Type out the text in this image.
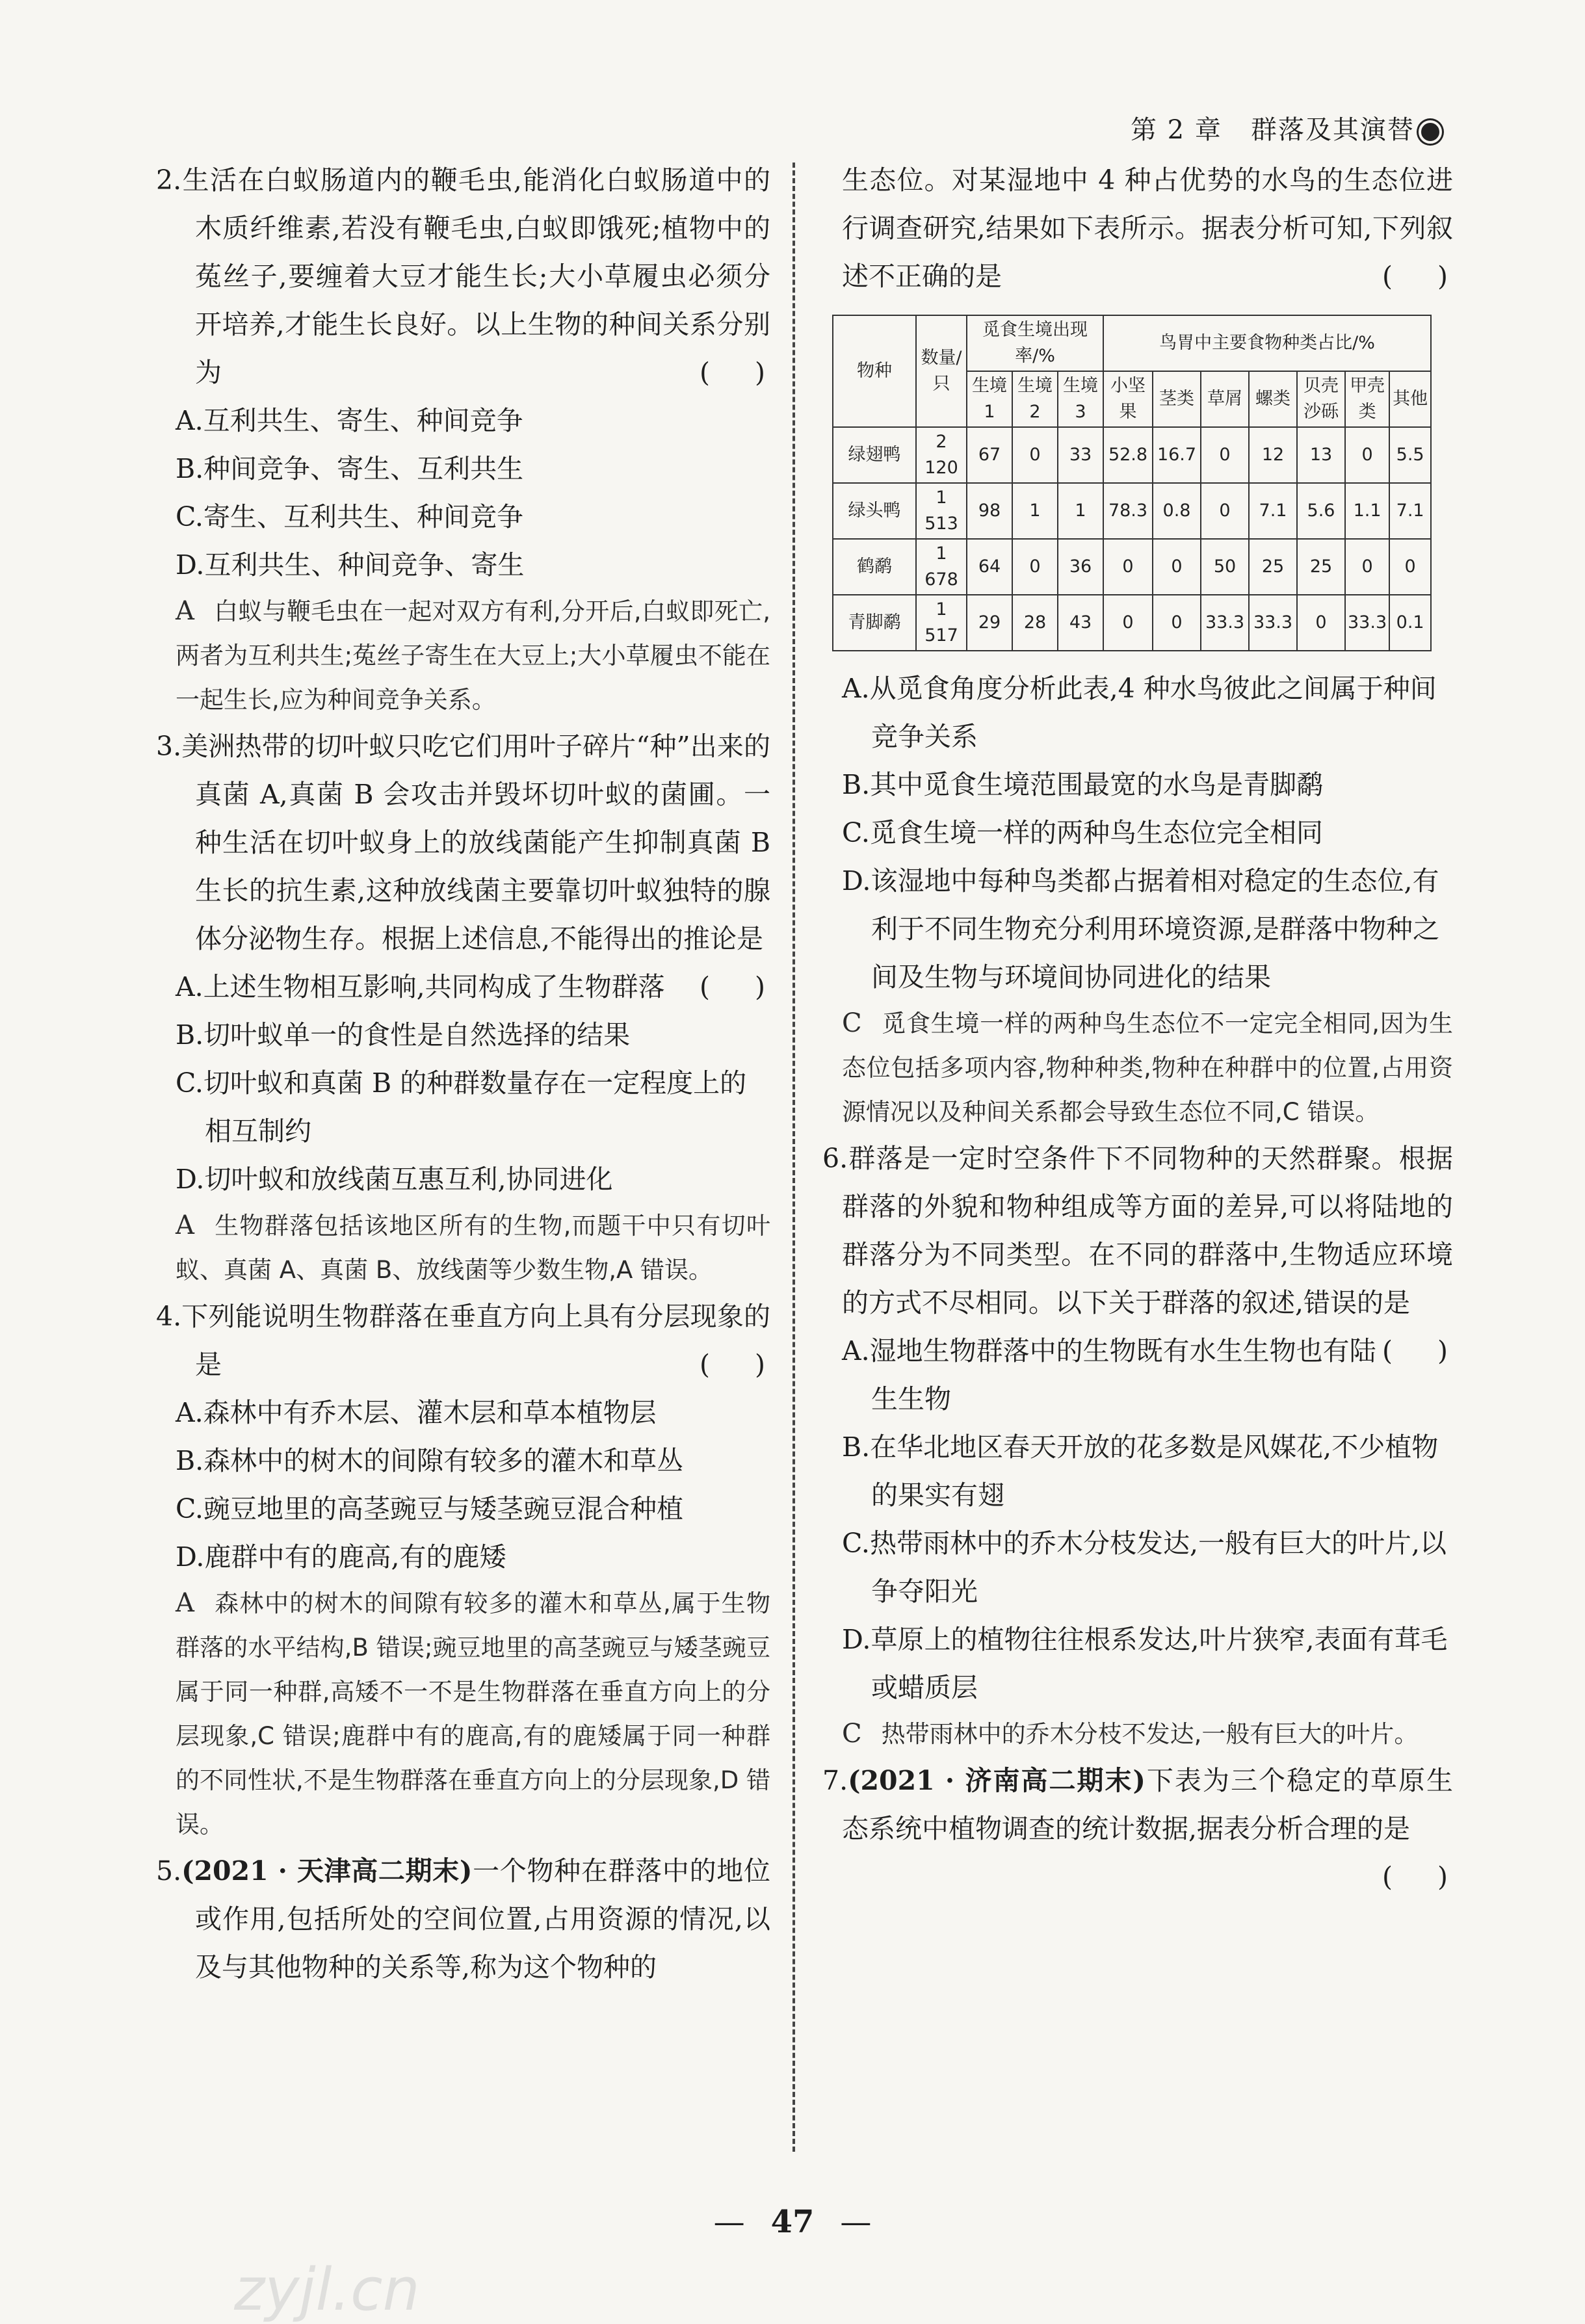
第 2 章 群落及其演替

2.生活在白蚁肠道内的鞭毛虫,能消化白蚁肠道中的木质纤维素,若没有鞭毛虫,白蚁即饿死;植物中的菟丝子,要缠着大豆才能生长;大小草履虫必须分开培养,才能生长良好。以上生物的种间关系分别为	( )

A.互利共生、寄生、种间竞争
B.种间竞争、寄生、互利共生
C.寄生、互利共生、种间竞争
D.互利共生、种间竞争、寄生
A 白蚁与鞭毛虫在一起对双方有利,分开后,白蚁即死亡,两者为互利共生;菟丝子寄生在大豆上;大小草履虫不能在一起生长,应为种间竞争关系。

3.美洲热带的切叶蚁只吃它们用叶子碎片“种”出来的真菌 A,真菌 B 会攻击并毁坏切叶蚁的菌圃。一种生活在切叶蚁身上的放线菌能产生抑制真菌 B 生长的抗生素,这种放线菌主要靠切叶蚁独特的腺体分泌物生存。根据上述信息,不能得出的推论是
( )

A.上述生物相互影响,共同构成了生物群落
B.切叶蚁单一的食性是自然选择的结果
C.切叶蚁和真菌 B 的种群数量存在一定程度上的相互制约
D.切叶蚁和放线菌互惠互利,协同进化
A 生物群落包括该地区所有的生物,而题干中只有切叶蚁、真菌 A、真菌 B、放线菌等少数生物,A 错误。

4.下列能说明生物群落在垂直方向上具有分层现象的是	( )

A.森林中有乔木层、灌木层和草本植物层
B.森林中的树木的间隙有较多的灌木和草丛
C.豌豆地里的高茎豌豆与矮茎豌豆混合种植
D.鹿群中有的鹿高,有的鹿矮
A 森林中的树木的间隙有较多的灌木和草丛,属于生物群落的水平结构,B 错误;豌豆地里的高茎豌豆与矮茎豌豆属于同一种群,高矮不一不是生物群落在垂直方向上的分层现象,C 错误;鹿群中有的鹿高,有的鹿矮属于同一种群的不同性状,不是生物群落在垂直方向上的分层现象,D 错误。

5.(2021 · 天津高二期末)一个物种在群落中的地位或作用,包括所处的空间位置,占用资源的情况,以及与其他物种的关系等,称为这个物种的

生态位。对某湿地中 4 种占优势的水鸟的生态位进行调查研究,结果如下表所示。据表分析可知,下列叙述不正确的是	( )

物种	数量/只	觅食生境出现率/%			鸟胃中主要食物种类占比/%						
		生境1	生境2	生境3	小坚果	茎类	草屑	螺类	贝壳沙砾	甲壳类	其他
绿翅鸭	2 120	67	0	33	52.8	16.7	0	12	13	0	5.5
绿头鸭	1 513	98	1	1	78.3	0.8	0	7.1	5.6	1.1	7.1
鹤鹬	1 678	64	0	36	0	0	50	25	25	0	0
青脚鹬	1 517	29	28	43	0	0	33.3	33.3	0	33.3	0.1
A.从觅食角度分析此表,4 种水鸟彼此之间属于种间竞争关系
B.其中觅食生境范围最宽的水鸟是青脚鹬
C.觅食生境一样的两种鸟生态位完全相同
D.该湿地中每种鸟类都占据着相对稳定的生态位,有利于不同生物充分利用环境资源,是群落中物种之间及生物与环境间协同进化的结果
C 觅食生境一样的两种鸟生态位不一定完全相同,因为生态位包括多项内容,物种种类,物种在种群中的位置,占用资源情况以及种间关系都会导致生态位不同,C 错误。

6.群落是一定时空条件下不同物种的天然群聚。根据群落的外貌和物种组成等方面的差异,可以将陆地的群落分为不同类型。在不同的群落中,生物适应环境的方式不尽相同。以下关于群落的叙述,错误的是
( )

A.湿地生物群落中的生物既有水生生物也有陆生生物
B.在华北地区春天开放的花多数是风媒花,不少植物的果实有翅
C.热带雨林中的乔木分枝发达,一般有巨大的叶片,以争夺阳光
D.草原上的植物往往根系发达,叶片狭窄,表面有茸毛或蜡质层
C 热带雨林中的乔木分枝不发达,一般有巨大的叶片。

7.(2021 · 济南高二期末)下表为三个稳定的草原生态系统中植物调查的统计数据,据表分析合理的是
( )

— 47 —
zyjl.cn
